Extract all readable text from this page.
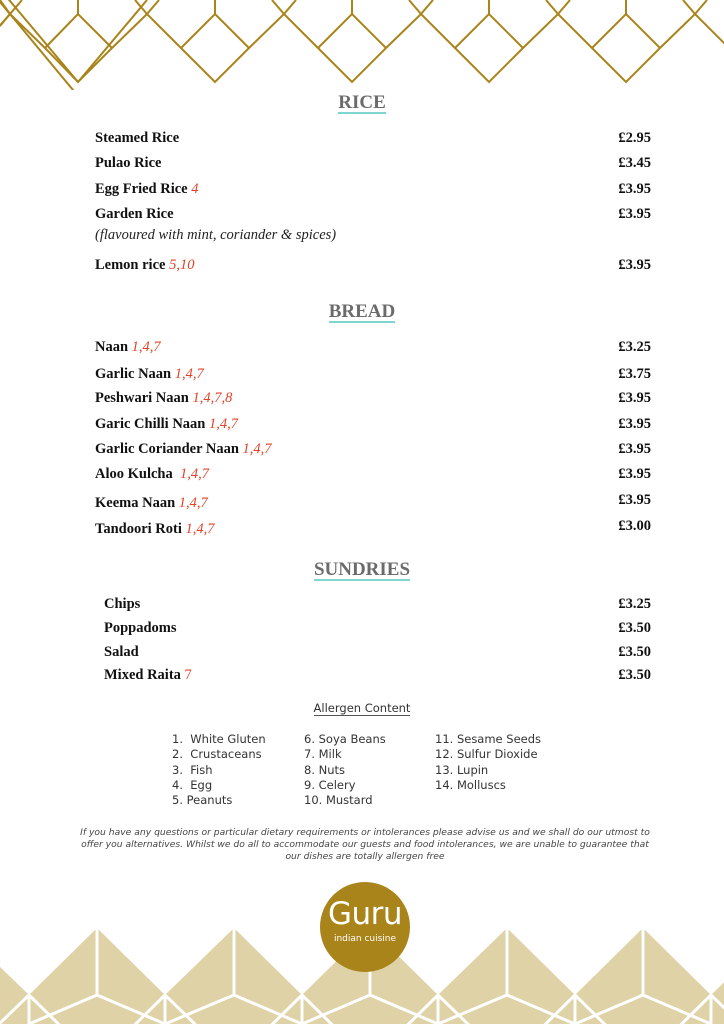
RICE
Steamed Rice	£2.95
Pulao Rice	£3.45
Egg Fried Rice 4	£3.95
Garden Rice	£3.95
(flavoured with mint, coriander & spices)
Lemon rice 5,10	£3.95
BREAD
Naan 1,4,7	£3.25
Garlic Naan 1,4,7	£3.75
Peshwari Naan 1,4,7,8	£3.95
Garic Chilli Naan 1,4,7	£3.95
Garlic Coriander Naan 1,4,7	£3.95
Aloo Kulcha  1,4,7	£3.95
Keema Naan 1,4,7	£3.95
Tandoori Roti 1,4,7	£3.00
SUNDRIES
Chips	£3.25
Poppadoms	£3.50
Salad	£3.50
Mixed Raita 7	£3.50
Allergen Content
1.  White Gluten
2.  Crustaceans
3.  Fish
4.  Egg
5. Peanuts
6. Soya Beans
7. Milk
8. Nuts
9. Celery
10. Mustard
11. Sesame Seeds
12. Sulfur Dioxide
13. Lupin
14. Molluscs
If you have any questions or particular dietary requirements or intolerances please advise us and we shall do our utmost to offer you alternatives. Whilst we do all to accommodate our guests and food intolerances, we are unable to guarantee that our dishes are totally allergen free
Guru
indian cuisine
